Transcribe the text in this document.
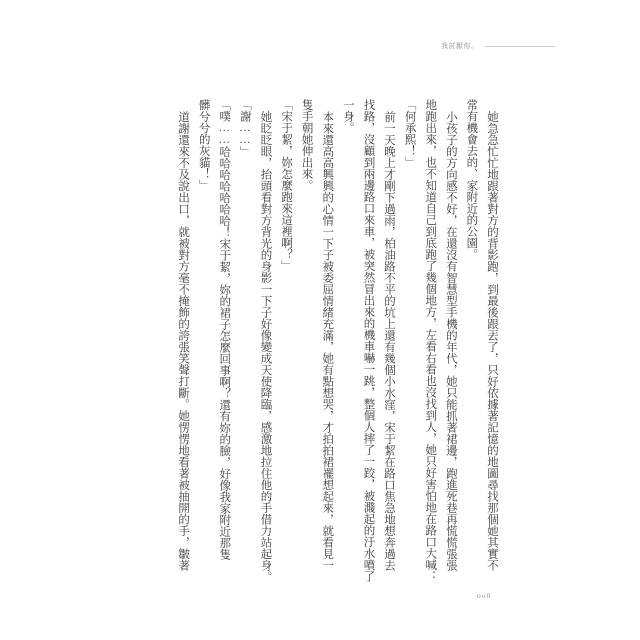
我討厭你。

她急急忙忙地跟著對方的背影跑，到最後跟丟了，只好依據著記憶的地圖尋找那個她其實不

常有機會去的、家附近的公園。

小孩子的方向感不好，在還沒有智慧型手機的年代，她只能抓著裙邊，跑進死巷再慌慌張張

地跑出來，也不知道自己到底跑了幾個地方，左看右看也沒找到人，她只好害怕地在路口大喊：

「何承熙！」

前一天晚上才剛下過雨，柏油路不平的坑上還有幾個小水窪，宋于絜在路口焦急地想奔過去

找路，沒顧到兩邊路口來車，被突然冒出來的機車嚇一跳，整個人摔了一跤，被濺起的汙水噴了

一身。

本來還高高興興的心情一下子被委屈情緒充滿，她有點想哭，才拍拍裙襬想起來，就看見一

隻手朝她伸出來。

「宋于絜，妳怎麼跑來這裡啊？」

她眨眨眼，抬頭看對方背光的身影一下子好像變成天使降臨，感激地拉住他的手借力站起身。

「謝……」

「噗……哈哈哈哈哈哈哈！宋于絜，妳的裙子怎麼回事啊？還有妳的臉，好像我家附近那隻

髒兮兮的灰貓！」

道謝還來不及說出口，就被對方毫不掩飾的誇張笑聲打斷。她愣愣地看著被抽開的手，皺著

oo8
